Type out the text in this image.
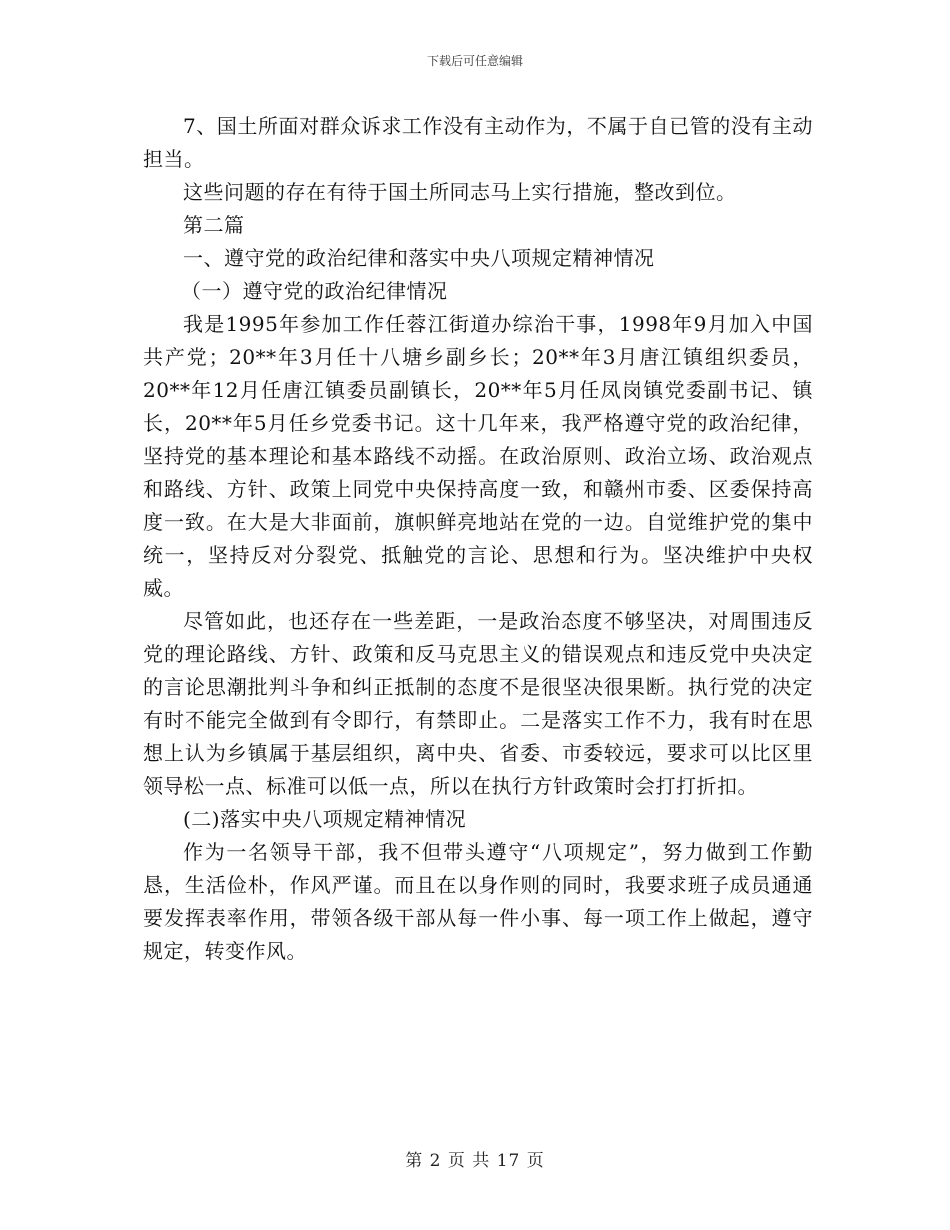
下载后可任意编辑

7、国土所面对群众诉求工作没有主动作为，不属于自已管的没有主动担当。

这些问题的存在有待于国土所同志马上实行措施，整改到位。

第二篇

一、遵守党的政治纪律和落实中央八项规定精神情况

（一）遵守党的政治纪律情况

我是1995年参加工作任蓉江街道办综治干事，1998年9月加入中国共产党；20**年3月任十八塘乡副乡长；20**年3月唐江镇组织委员，20**年12月任唐江镇委员副镇长，20**年5月任凤岗镇党委副书记、镇长，20**年5月任乡党委书记。这十几年来，我严格遵守党的政治纪律，坚持党的基本理论和基本路线不动摇。在政治原则、政治立场、政治观点和路线、方针、政策上同党中央保持高度一致，和赣州市委、区委保持高度一致。在大是大非面前，旗帜鲜亮地站在党的一边。自觉维护党的集中统一，坚持反对分裂党、抵触党的言论、思想和行为。坚决维护中央权威。

尽管如此，也还存在一些差距，一是政治态度不够坚决，对周围违反党的理论路线、方针、政策和反马克思主义的错误观点和违反党中央决定的言论思潮批判斗争和纠正抵制的态度不是很坚决很果断。执行党的决定有时不能完全做到有令即行，有禁即止。二是落实工作不力，我有时在思想上认为乡镇属于基层组织，离中央、省委、市委较远，要求可以比区里领导松一点、标准可以低一点，所以在执行方针政策时会打打折扣。

(二)落实中央八项规定精神情况

作为一名领导干部，我不但带头遵守“八项规定”，努力做到工作勤恳，生活俭朴，作风严谨。而且在以身作则的同时，我要求班子成员通通要发挥表率作用，带领各级干部从每一件小事、每一项工作上做起，遵守规定，转变作风。

第 2 页 共 17 页
